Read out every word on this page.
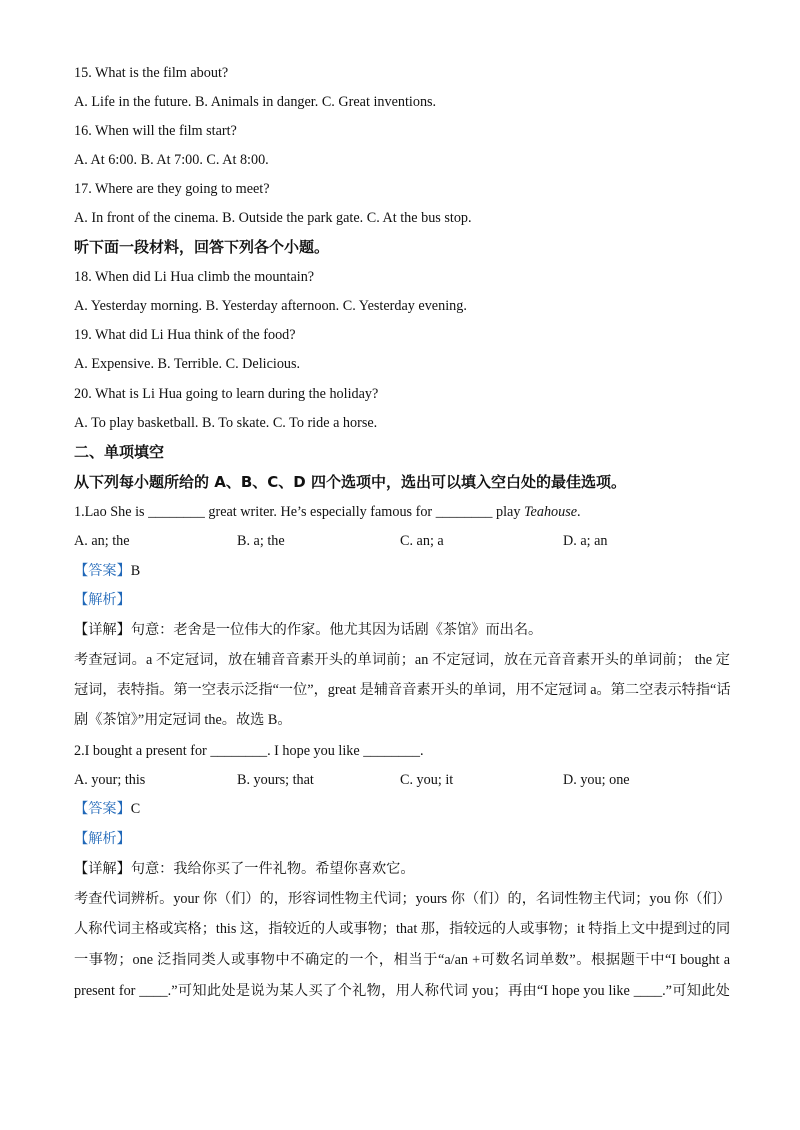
15. What is the film about?
A. Life in the future. B. Animals in danger. C. Great inventions.
16. When will the film start?
A. At 6:00. B. At 7:00. C. At 8:00.
17. Where are they going to meet?
A. In front of the cinema. B. Outside the park gate. C. At the bus stop.
听下面一段材料，回答下列各个小题。
18. When did Li Hua climb the mountain?
A. Yesterday morning. B. Yesterday afternoon. C. Yesterday evening.
19. What did Li Hua think of the food?
A. Expensive. B. Terrible. C. Delicious.
20. What is Li Hua going to learn during the holiday?
A. To play basketball. B. To skate. C. To ride a horse.
二、单项填空
从下列每小题所给的 A、B、C、D 四个选项中，选出可以填入空白处的最佳选项。
1.Lao She is ________ great writer. He’s especially famous for ________ play Teahouse.
A. an; the	B. a; the	C. an; a	D. a; an
【答案】B
【解析】
【详解】句意：老舍是一位伟大的作家。他尤其因为话剧《茶馆》而出名。
考查冠词。a 不定冠词，放在辅音音素开头的单词前；an 不定冠词，放在元音音素开头的单词前； the 定
冠词，表特指。第一空表示泛指“一位”，great 是辅音音素开头的单词，用不定冠词 a。第二空表示特指“话
剧《茶馆》”用定冠词 the。故选 B。
2.I bought a present for ________. I hope you like ________.
A. your; this	B. yours; that	C. you; it	D. you; one
【答案】C
【解析】
【详解】句意：我给你买了一件礼物。希望你喜欢它。
考查代词辨析。your 你（们）的，形容词性物主代词；yours 你（们）的，名词性物主代词；you 你（们）
人称代词主格或宾格；this 这，指较近的人或事物；that 那，指较远的人或事物；it 特指上文中提到过的同
一事物；one 泛指同类人或事物中不确定的一个，相当于“a/an +可数名词单数”。根据题干中“I bought a
present for ____.”可知此处是说为某人买了个礼物，用人称代词 you；再由“I hope you like ____.”可知此处
